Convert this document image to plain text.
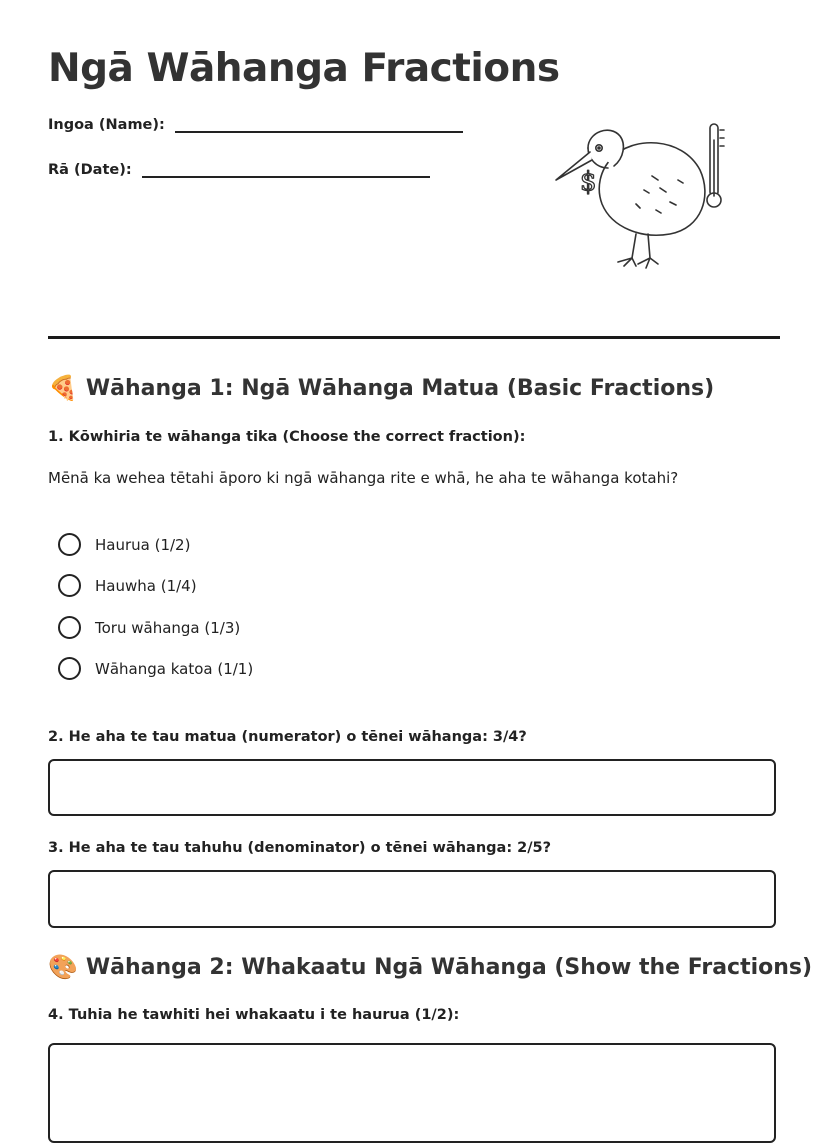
Ngā Wāhanga Fractions
Ingoa (Name):
Rā (Date):	$
🍕 Wāhanga 1: Ngā Wāhanga Matua (Basic Fractions)

1. Kōwhiria te wāhanga tika (Choose the correct fraction):

Mēnā ka wehea tētahi āporo ki ngā wāhanga rite e whā, he aha te wāhanga kotahi?

Haurua (1/2)
Hauwha (1/4)
Toru wāhanga (1/3)
Wāhanga katoa (1/1)

2. He aha te tau matua (numerator) o tēnei wāhanga: 3/4?

3. He aha te tau tahuhu (denominator) o tēnei wāhanga: 2/5?

🎨 Wāhanga 2: Whakaatu Ngā Wāhanga (Show the Fractions)

4. Tuhia he tawhiti hei whakaatu i te haurua (1/2):
